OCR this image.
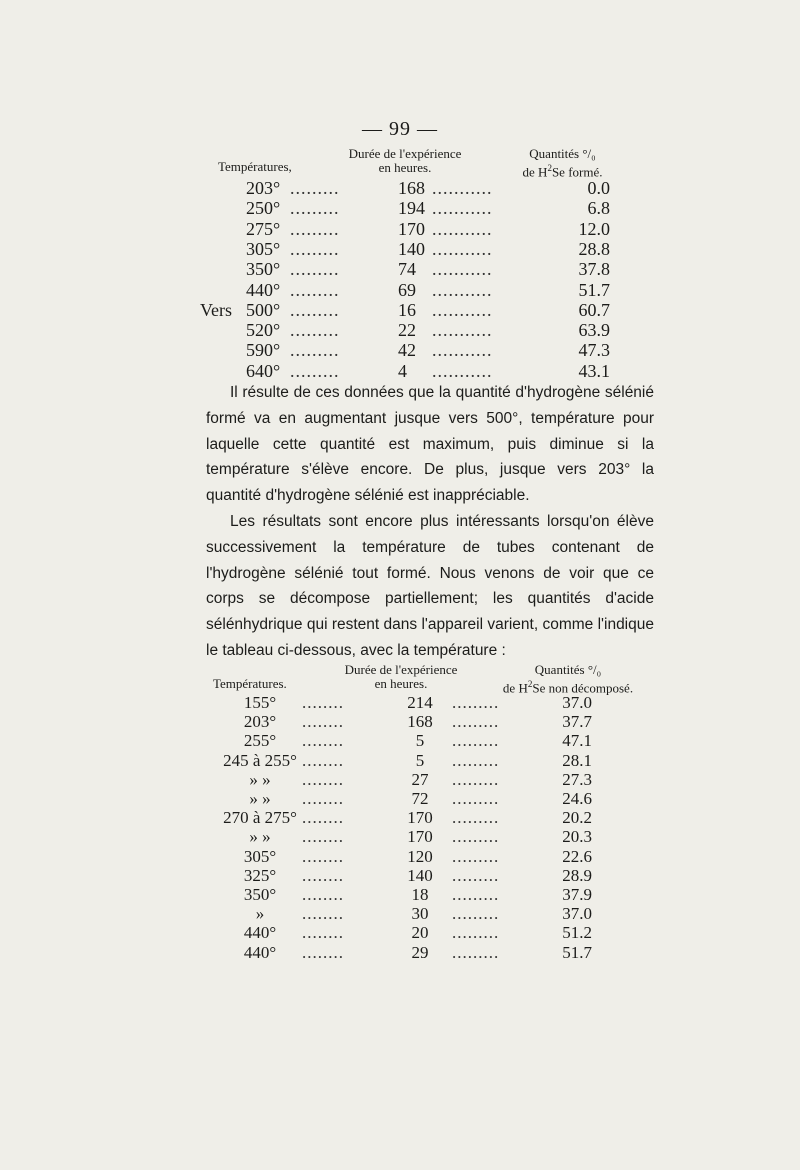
— 99 —
Températures,
Durée de l'expérience
en heures.
Quantités °/₀
de $H^2Se$ formé.
203° .........	168 ...........	0.0
250° .........	194 ...........	6.8
275° .........	170 ...........	12.0
305° .........	140 ...........	28.8
350° .........	74 ...........	37.8
440° .........	69 ...........	51.7
Vers 500° .........	16 ...........	60.7
520° .........	22 ...........	63.9
590° .........	42 ...........	47.3
640° .........	4 ...........	43.1

Il résulte de ces données que la quantité d'hydrogène sélénié formé va en augmentant jusque vers 500°, température pour laquelle cette quantité est maximum, puis diminue si la température s'élève encore. De plus, jusque vers 203° la quantité d'hydrogène sélénié est inappréciable.

Les résultats sont encore plus intéressants lorsqu'on élève successivement la température de tubes contenant de l'hydrogène sélénié tout formé. Nous venons de voir que ce corps se décompose partiellement; les quantités d'acide sélénhydrique qui restent dans l'appareil varient, comme l'indique le tableau ci-dessous, avec la température :

Températures.
Durée de l'expérience
en heures.
Quantités °/₀
de $H^2Se$ non décomposé.
155°	........	214	.........	37.0
203°	........	168	.........	37.7
255°	........	5	.........	47.1
245 à 255° ........	5	.........	28.1
» »	........	27	.........	27.3
» »	........	72	.........	24.6
270 à 275° ........	170	.........	20.2
» »	........	170	.........	20.3
305°	........	120	.........	22.6
325°	........	140	.........	28.9
350°	........	18	.........	37.9
»	........	30	.........	37.0
440°	........	20	.........	51.2
440°	........	29	.........	51.7
